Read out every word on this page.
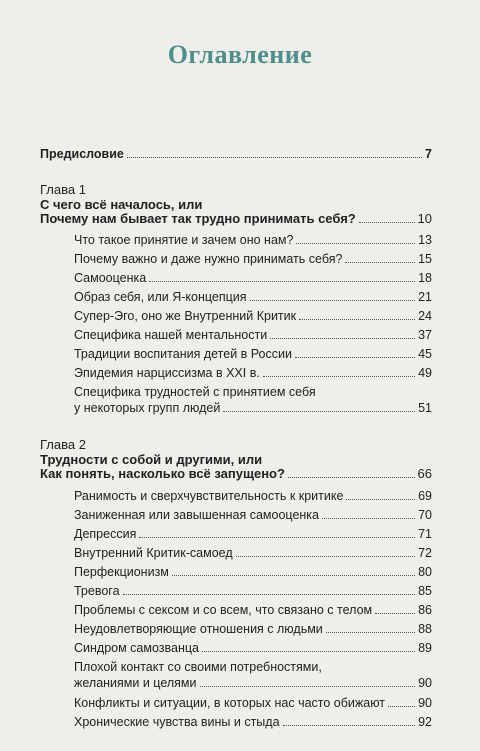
Оглавление
Предисловие	7
Глава 1
С чего всё началось, или
Почему нам бывает так трудно принимать себя?	10
Что такое принятие и зачем оно нам?	13
Почему важно и даже нужно принимать себя?	15
Самооценка	18
Образ себя, или Я-концепция	21
Супер-Эго, оно же Внутренний Критик	24
Специфика нашей ментальности	37
Традиции воспитания детей в России	45
Эпидемия нарциссизма в XXI в.	49
Специфика трудностей с принятием себя
у некоторых групп людей	51
Глава 2
Трудности с собой и другими, или
Как понять, насколько всё запущено?	66
Ранимость и сверхчувствительность к критике	69
Заниженная или завышенная самооценка	70
Депрессия	71
Внутренний Критик-самоед	72
Перфекционизм	80
Тревога	85
Проблемы с сексом и со всем, что связано с телом	86
Неудовлетворяющие отношения с людьми	88
Синдром самозванца	89
Плохой контакт со своими потребностями,
желаниями и целями	90
Конфликты и ситуации, в которых нас часто обижают	90
Хронические чувства вины и стыда	92
